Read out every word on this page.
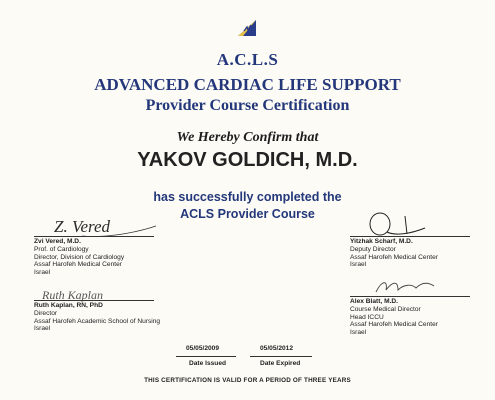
A.C.L.S
ADVANCED CARDIAC LIFE SUPPORT
Provider Course Certification
We Hereby Confirm that
YAKOV GOLDICH, M.D.
has successfully completed the
ACLS Provider Course
Z. Vered
Zvi Vered, M.D.
Prof. of Cardiology
Director, Division of Cardiology
Assaf Harofeh Medical Center
Israel
Yitzhak Scharf, M.D.
Deputy Director
Assaf Harofeh Medical Center
Israel
Ruth Kaplan
Ruth Kaplan, RN, PhD
Director
Assaf Harofeh Academic School of Nursing
Israel
Alex Blatt, M.D.
Course Medical Director
Head ICCU
Assaf Harofeh Medical Center
Israel
05/05/2009
Date Issued
05/05/2012
Date Expired
THIS CERTIFICATION IS VALID FOR A PERIOD OF THREE YEARS
